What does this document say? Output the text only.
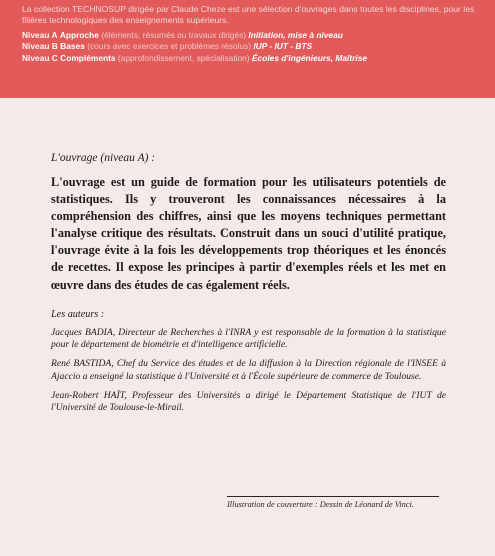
La collection TECHNOSUP dirigée par Claude Cheze est une sélection d'ouvrages dans toutes les disciplines, pour les filières technologiques des enseignements supérieurs.
Niveau A Approche (éléments, résumés ou travaux dirigés) Initiation, mise à niveau
Niveau B Bases (cours avec exercices et problèmes résolus) IUP - IUT - BTS
Niveau C Compléments (approfondissement, spécialisation) Écoles d'ingénieurs, Maîtrise
L'ouvrage (niveau A) :

L'ouvrage est un guide de formation pour les utilisateurs potentiels de statistiques. Ils y trouveront les connaissances nécessaires à la compréhension des chiffres, ainsi que les moyens techniques permettant l'analyse critique des résultats. Construit dans un souci d'utilité pratique, l'ouvrage évite à la fois les développements trop théoriques et les énoncés de recettes. Il expose les principes à partir d'exemples réels et les met en œuvre dans des études de cas également réels.

Les auteurs :

Jacques BADIA, Directeur de Recherches à l'INRA y est responsable de la formation à la statistique pour le département de biométrie et d'intelligence artificielle.

René BASTIDA, Chef du Service des études et de la diffusion à la Direction régionale de l'INSEE à Ajaccio a enseigné la statistique à l'Université et à l'École supérieure de commerce de Toulouse.

Jean-Robert HAÏT, Professeur des Universités a dirigé le Département Statistique de l'IUT de l'Université de Toulouse-le-Mirail.

Illustration de couverture : Dessin de Léonard de Vinci.
